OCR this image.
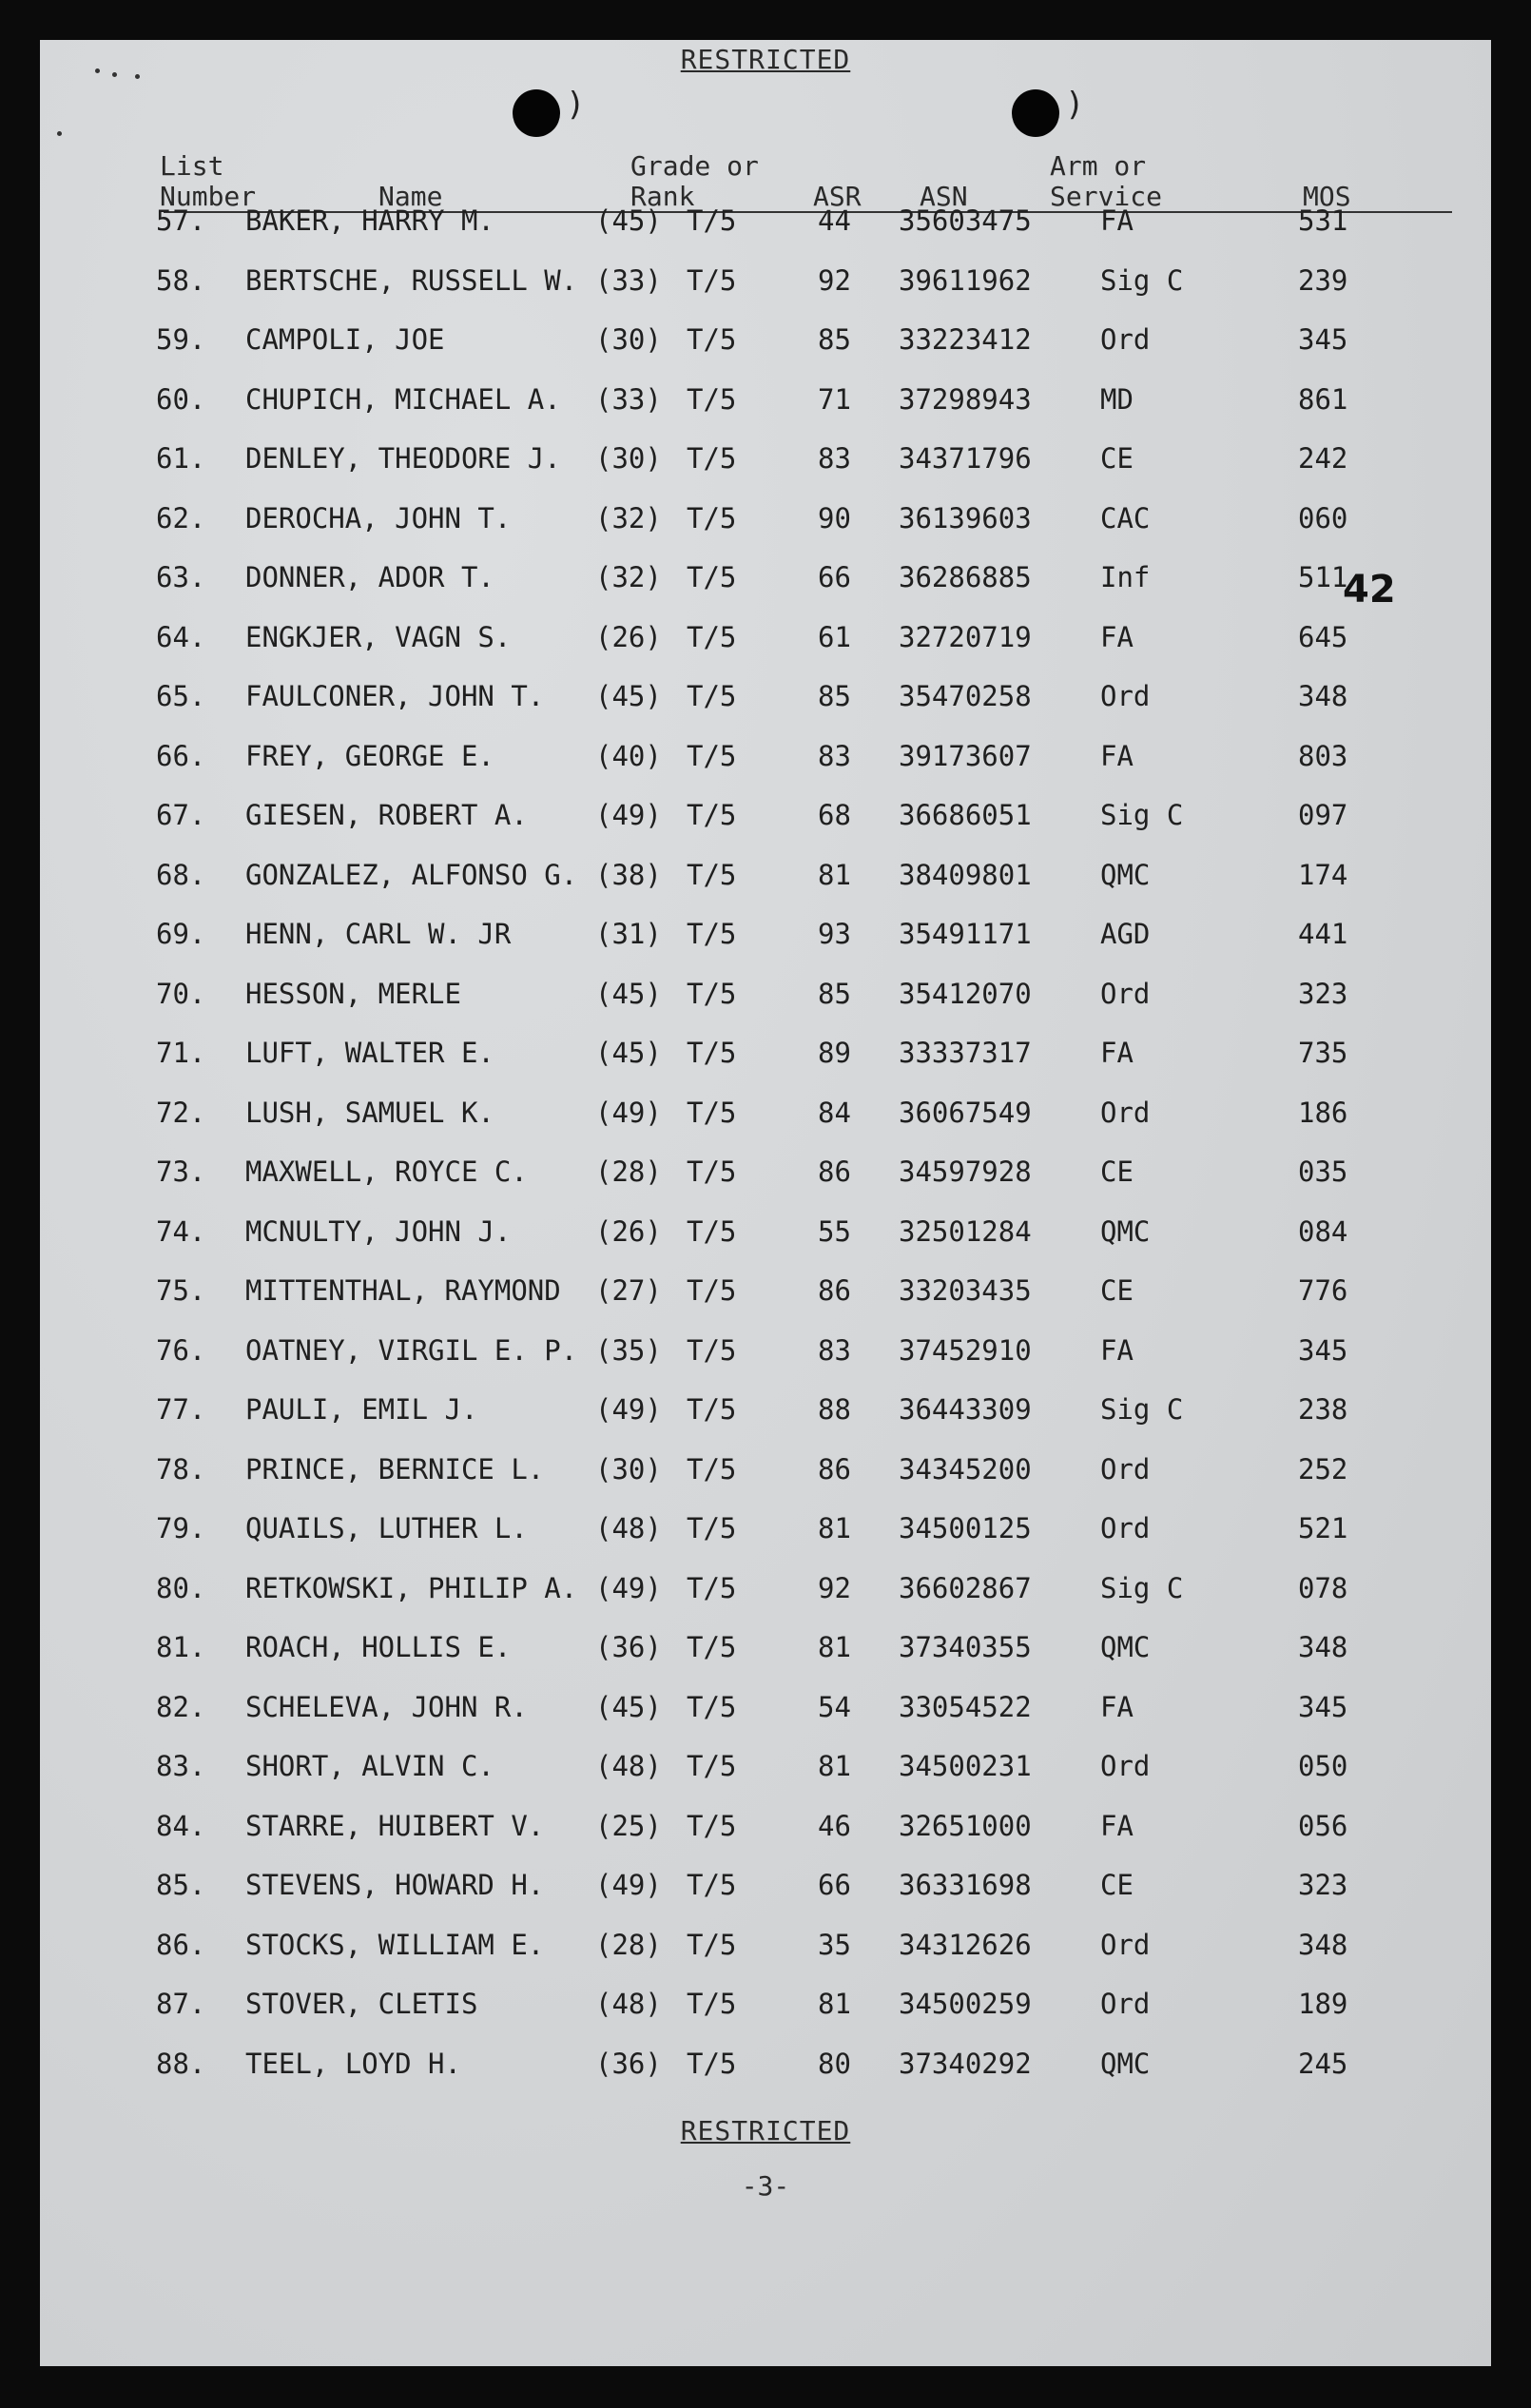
RESTRICTED
)	)
List
Number	Name
Grade or
Rank	ASR ASN
Arm or
Service	MOS
57. BAKER, HARRY M.	(45) T/5	44 35603475 FA	531
58. BERTSCHE, RUSSELL W. (33) T/5	92 39611962 Sig C	239
59. CAMPOLI, JOE	(30) T/5	85 33223412 Ord	345
60. CHUPICH, MICHAEL A. (33) T/5	71 37298943 MD	861
61. DENLEY, THEODORE J. (30) T/5	83 34371796 CE	242
62. DEROCHA, JOHN T.	(32) T/5	90 36139603 CAC	060
63. DONNER, ADOR T.	(32) T/5	66 36286885 Inf	511
64. ENGKJER, VAGN S.	(26) T/5	61 32720719 FA	645
65. FAULCONER, JOHN T. (45) T/5	85 35470258 Ord	348
66. FREY, GEORGE E.	(40) T/5	83 39173607 FA	803
67. GIESEN, ROBERT A. (49) T/5	68 36686051 Sig C	097
68. GONZALEZ, ALFONSO G. (38) T/5	81 38409801 QMC	174
69. HENN, CARL W. JR	(31) T/5	93 35491171 AGD	441
70. HESSON, MERLE	(45) T/5	85 35412070 Ord	323
71. LUFT, WALTER E.	(45) T/5	89 33337317 FA	735
72. LUSH, SAMUEL K.	(49) T/5	84 36067549 Ord	186
73. MAXWELL, ROYCE C. (28) T/5	86 34597928 CE	035
74. MCNULTY, JOHN J.	(26) T/5	55 32501284 QMC	084
75. MITTENTHAL, RAYMOND (27) T/5	86 33203435 CE	776
76. OATNEY, VIRGIL E. P. (35) T/5	83 37452910 FA	345
77. PAULI, EMIL J.	(49) T/5	88 36443309 Sig C	238
78. PRINCE, BERNICE L. (30) T/5	86 34345200 Ord	252
79. QUAILS, LUTHER L. (48) T/5	81 34500125 Ord	521
80. RETKOWSKI, PHILIP A. (49) T/5	92 36602867 Sig C	078
81. ROACH, HOLLIS E.	(36) T/5	81 37340355 QMC	348
82. SCHELEVA, JOHN R. (45) T/5	54 33054522 FA	345
83. SHORT, ALVIN C.	(48) T/5	81 34500231 Ord	050
84. STARRE, HUIBERT V. (25) T/5	46 32651000 FA	056
85. STEVENS, HOWARD H. (49) T/5	66 36331698 CE	323
86. STOCKS, WILLIAM E. (28) T/5	35 34312626 Ord	348
87. STOVER, CLETIS	(48) T/5	81 34500259 Ord	189
88. TEEL, LOYD H.	(36) T/5	80 37340292 QMC	245
42
RESTRICTED
-3-
